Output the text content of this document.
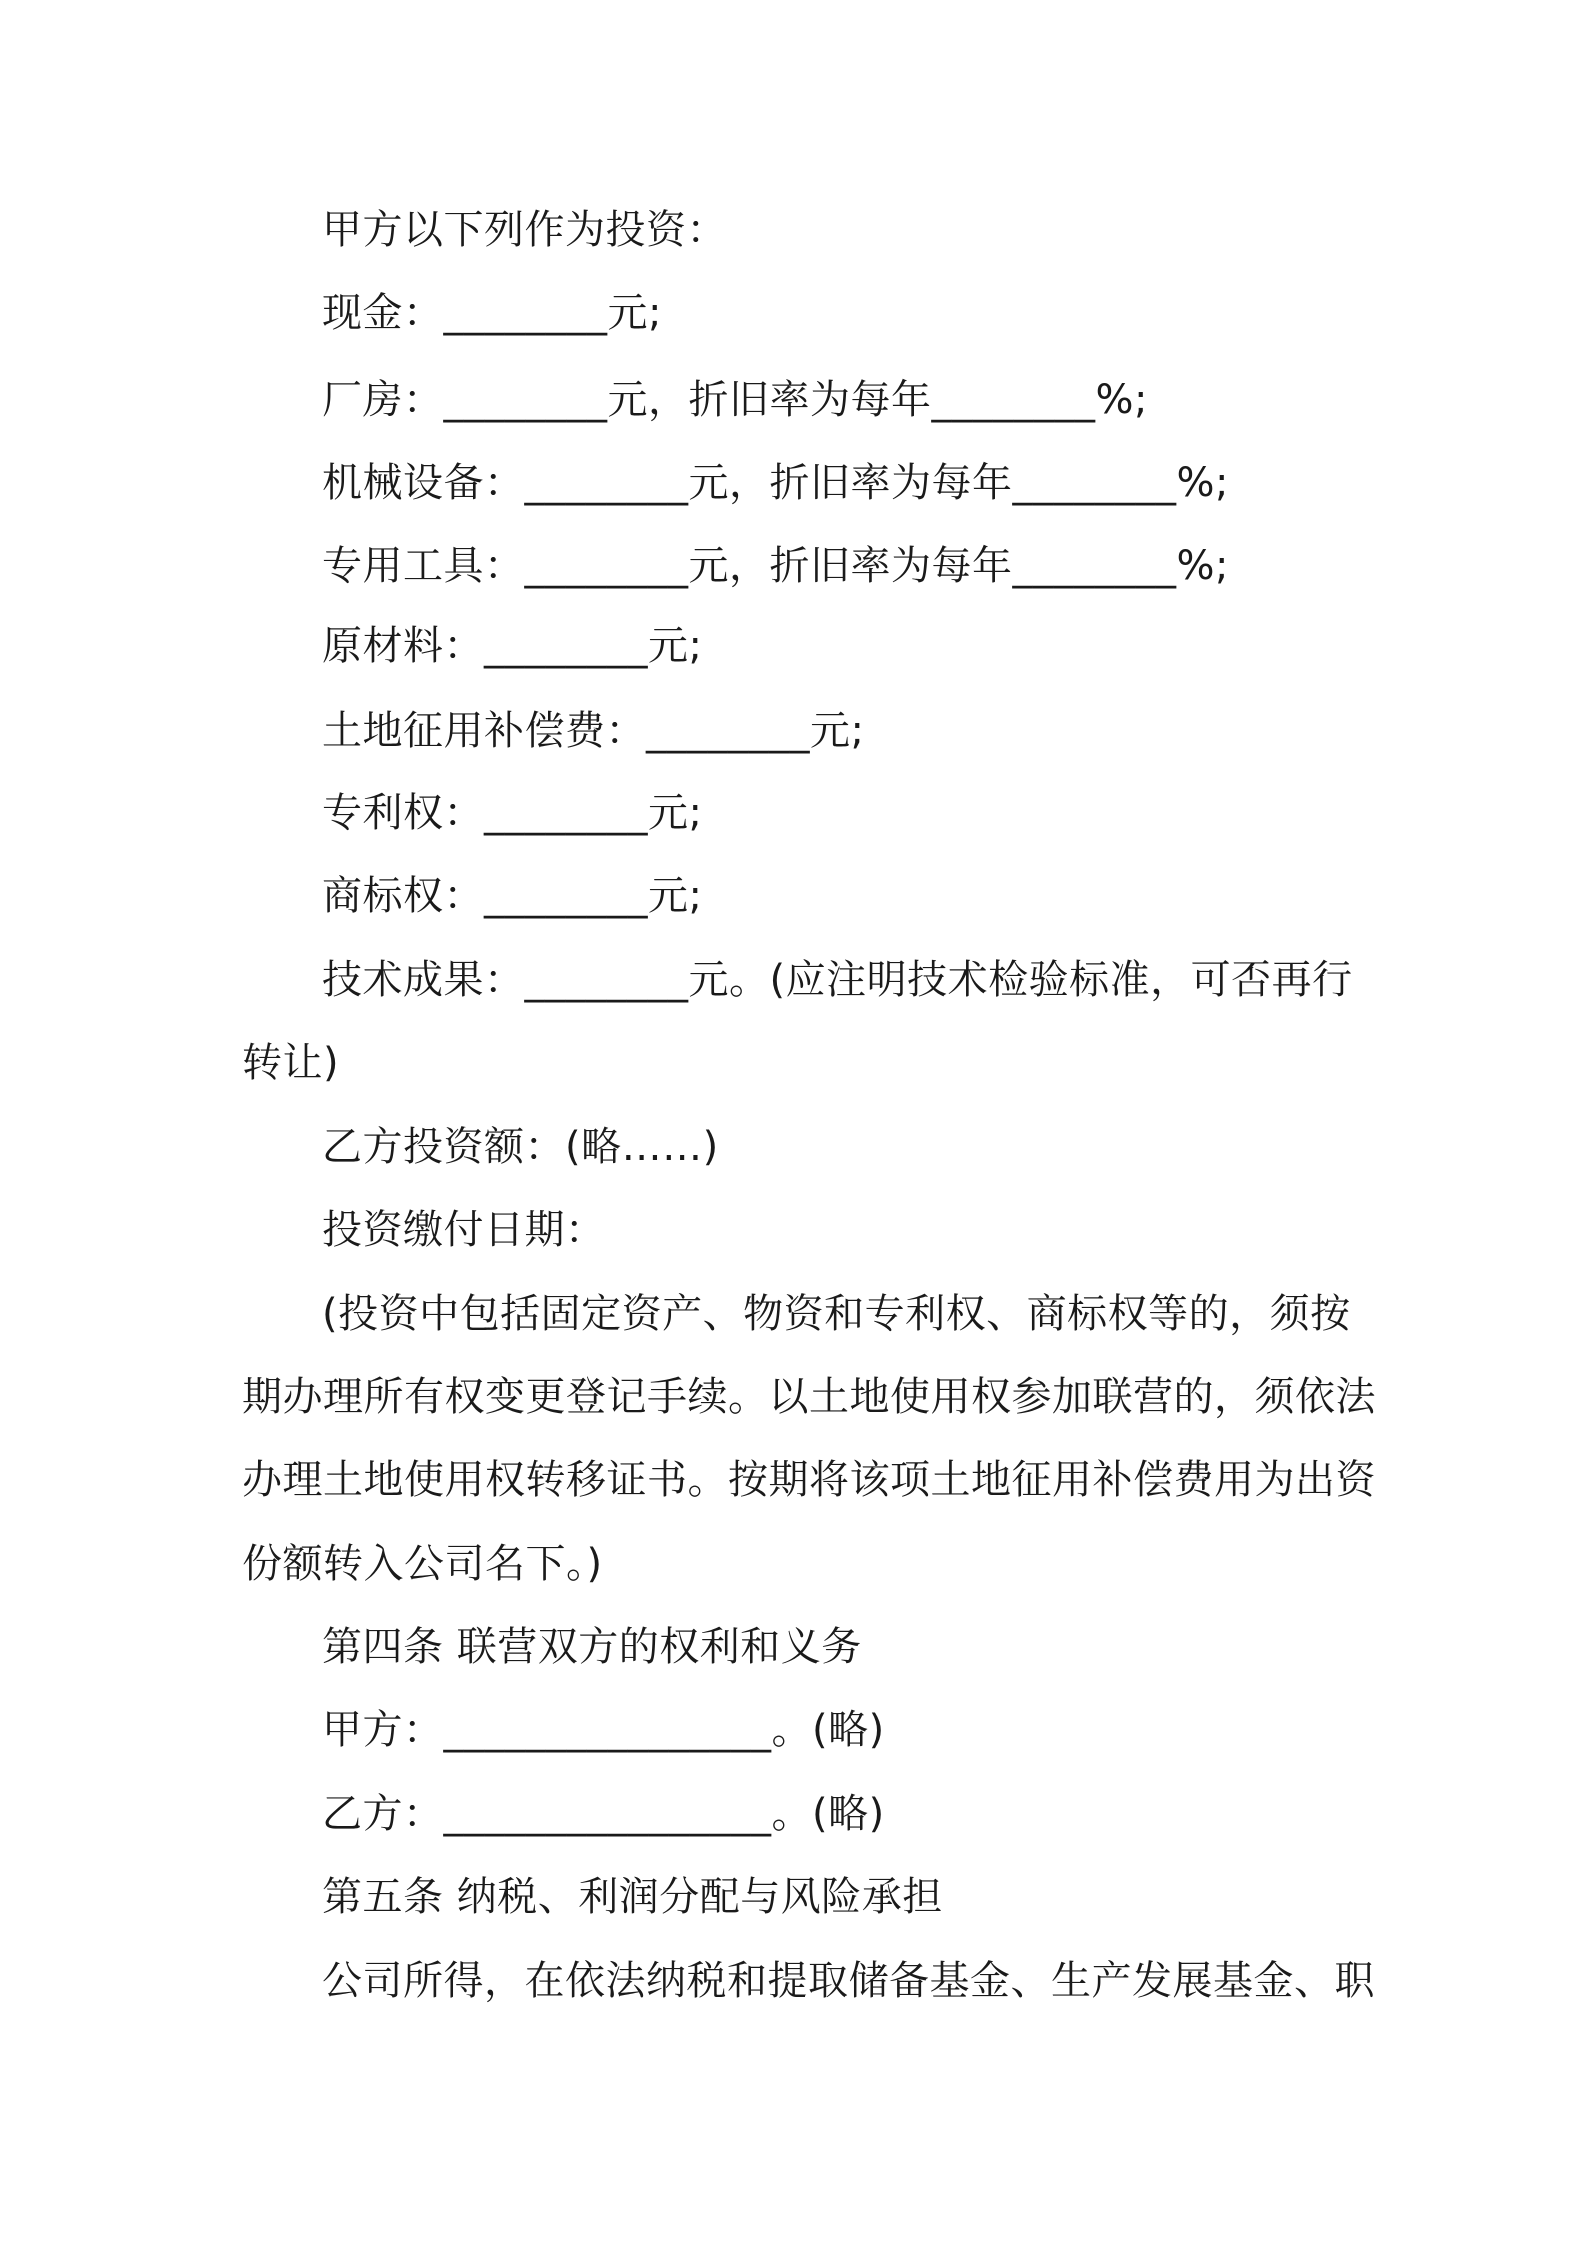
甲方以下列作为投资：
现金：________元;
厂房：________元，折旧率为每年________%;
机械设备：________元，折旧率为每年________%;
专用工具：________元，折旧率为每年________%;
原材料：________元;
土地征用补偿费：________元;
专利权：________元;
商标权：________元;
技术成果：________元。(应注明技术检验标准，可否再行
转让)
乙方投资额：(略……)
投资缴付日期：
(投资中包括固定资产、物资和专利权、商标权等的，须按
期办理所有权变更登记手续。以土地使用权参加联营的，须依法
办理土地使用权转移证书。按期将该项土地征用补偿费用为出资
份额转入公司名下。)
第四条 联营双方的权利和义务
甲方：________________。(略)
乙方：________________。(略)
第五条 纳税、利润分配与风险承担
公司所得，在依法纳税和提取储备基金、生产发展基金、职
